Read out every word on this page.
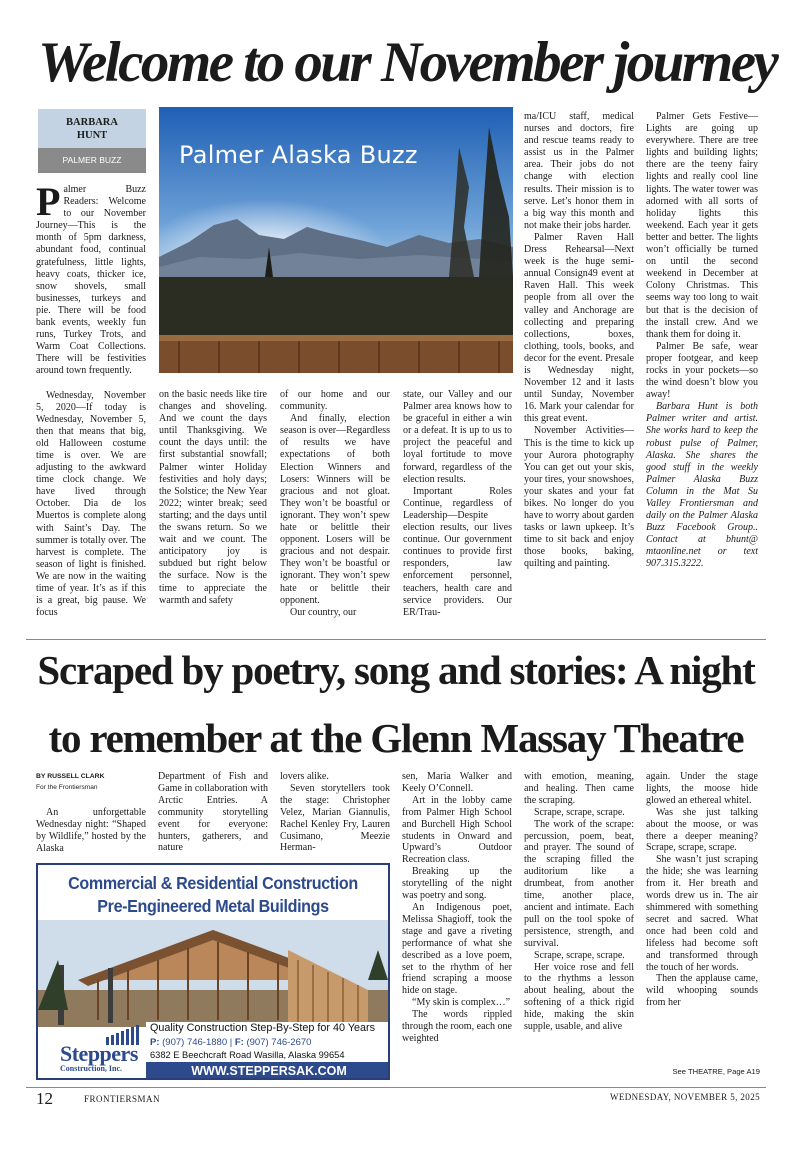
Welcome to our November journey
BARBARA
HUNT
PALMER BUZZ	Palmer Alaska Buzz

Palmer Buzz Readers: Welcome to our November Journey—This is the month of 5pm darkness, abundant food, continual gratefulness, little lights, heavy coats, thicker ice, snow shovels, small businesses, turkeys and pie. There will be food bank events, weekly fun runs, Turkey Trots, and Warm Coat Collections. There will be festivities around town frequently.

Wednesday, November 5, 2020—If today is Wednesday, November 5, then that means that big, old Halloween costume time is over. We are adjusting to the awkward time clock change. We have lived through October. Dia de los Muertos is complete along with Saint’s Day. The summer is totally over. The harvest is complete. The season of light is finished. We are now in the waiting time of year. It’s as if this is a great, big pause. We focus

on the basic needs like tire changes and shoveling. And we count the days until Thanksgiving. We count the days until: the first substantial snowfall; Palmer winter Holiday festivities and holy days; the Solstice; the New Year 2022; winter break; seed starting; and the days until the swans return. So we wait and we count. The anticipatory joy is subdued but right below the surface. Now is the time to appreciate the warmth and safety

of our home and our community.

And finally, election season is over—Regardless of results we have expectations of both Election Winners and Losers: Winners will be gracious and not gloat. They won’t be boastful or ignorant. They won’t spew hate or belittle their opponent. Losers will be gracious and not despair. They won’t be boastful or ignorant. They won’t spew hate or belittle their opponent.

Our country, our

state, our Valley and our Palmer area knows how to be graceful in either a win or a defeat. It is up to us to project the peaceful and loyal fortitude to move forward, regardless of the election results.

Important Roles Continue, regardless of Leadership—Despite election results, our lives continue. Our government continues to provide first responders, law enforcement personnel, teachers, health care and service providers. Our ER/Trau-

ma/ICU staff, medical nurses and doctors, fire and rescue teams ready to assist us in the Palmer area. Their jobs do not change with election results. Their mission is to serve. Let’s honor them in a big way this month and not make their jobs harder.

Palmer Raven Hall Dress Rehearsal—Next week is the huge semi-annual Consign49 event at Raven Hall. This week people from all over the valley and Anchorage are collecting and preparing collections, boxes, clothing, tools, books, and decor for the event. Presale is Wednesday night, November 12 and it lasts until Sunday, November 16. Mark your calendar for this great event.

November Activities—This is the time to kick up your Aurora photography You can get out your skis, your tires, your snowshoes, your skates and your fat bikes. No longer do you have to worry about garden tasks or lawn upkeep. It’s time to sit back and enjoy those books, baking, quilting and painting.

Palmer Gets Festive—Lights are going up everywhere. There are tree lights and building lights; there are the teeny fairy lights and really cool line lights. The water tower was adorned with all sorts of holiday lights this weekend. Each year it gets better and better. The lights won’t officially be turned on until the second weekend in December at Colony Christmas. This seems way too long to wait but that is the decision of the install crew. And we thank them for doing it.

Palmer Be safe, wear proper footgear, and keep rocks in your pockets—so the wind doesn’t blow you away!

Barbara Hunt is both Palmer writer and artist. She works hard to keep the robust pulse of Palmer, Alaska. She shares the good stuff in the weekly Palmer Alaska Buzz Column in the Mat Su Valley Frontiersman and daily on the Palmer Alaska Buzz Facebook Group.. Contact at bhunt@ mtaonline.net or text 907.315.3222.

Scraped by poetry, song and stories: A night
to remember at the Glenn Massay Theatre
BY RUSSELL CLARK
For the Frontiersman

An unforgettable Wednesday night: “Shaped by Wildlife,” hosted by the Alaska

Department of Fish and Game in collaboration with Arctic Entries. A community storytelling event for everyone: hunters, gatherers, and nature

lovers alike.

Seven storytellers took the stage: Christopher Velez, Marian Giannulis, Rachel Kenley Fry, Lauren Cusimano, Meezie Herman-

sen, Maria Walker and Keely O’Connell.

Art in the lobby came from Palmer High School and Burchell High School students in Onward and Upward’s Outdoor Recreation class.

Breaking up the storytelling of the night was poetry and song.

An Indigenous poet, Melissa Shagioff, took the stage and gave a riveting performance of what she described as a love poem, set to the rhythm of her friend scraping a moose hide on stage.

“My skin is complex…”

The words rippled through the room, each one weighted

with emotion, meaning, and healing. Then came the scraping.

Scrape, scrape, scrape.

The work of the scrape: percussion, poem, beat, and prayer. The sound of the scraping filled the auditorium like a drumbeat, from another time, another place, ancient and intimate. Each pull on the tool spoke of persistence, strength, and survival.

Scrape, scrape, scrape.

Her voice rose and fell to the rhythms a lesson about healing, about the softening of a thick rigid hide, making the skin supple, usable, and alive

again. Under the stage lights, the moose hide glowed an ethereal whitel.

Was she just talking about the moose, or was there a deeper meaning? Scrape, scrape, scrape.

She wasn’t just scraping the hide; she was learning from it. Her breath and words drew us in. The air shimmered with something secret and sacred. What once had been cold and lifeless had become soft and transformed through the touch of her words.

Then the applause came, wild whooping sounds from her

See THEATRE, Page A19
Commercial & Residential Construction
Pre-Engineered Metal Buildings
Steppers
Construction, Inc.
Quality Construction Step-By-Step for 40 Years
P: (907) 746-1880 | F: (907) 746-2670
6382 E Beechcraft Road Wasilla, Alaska 99654
WWW.STEPPERSAK.COM
12	FRONTIERSMAN	WEDNESDAY, NOVEMBER 5, 2025
